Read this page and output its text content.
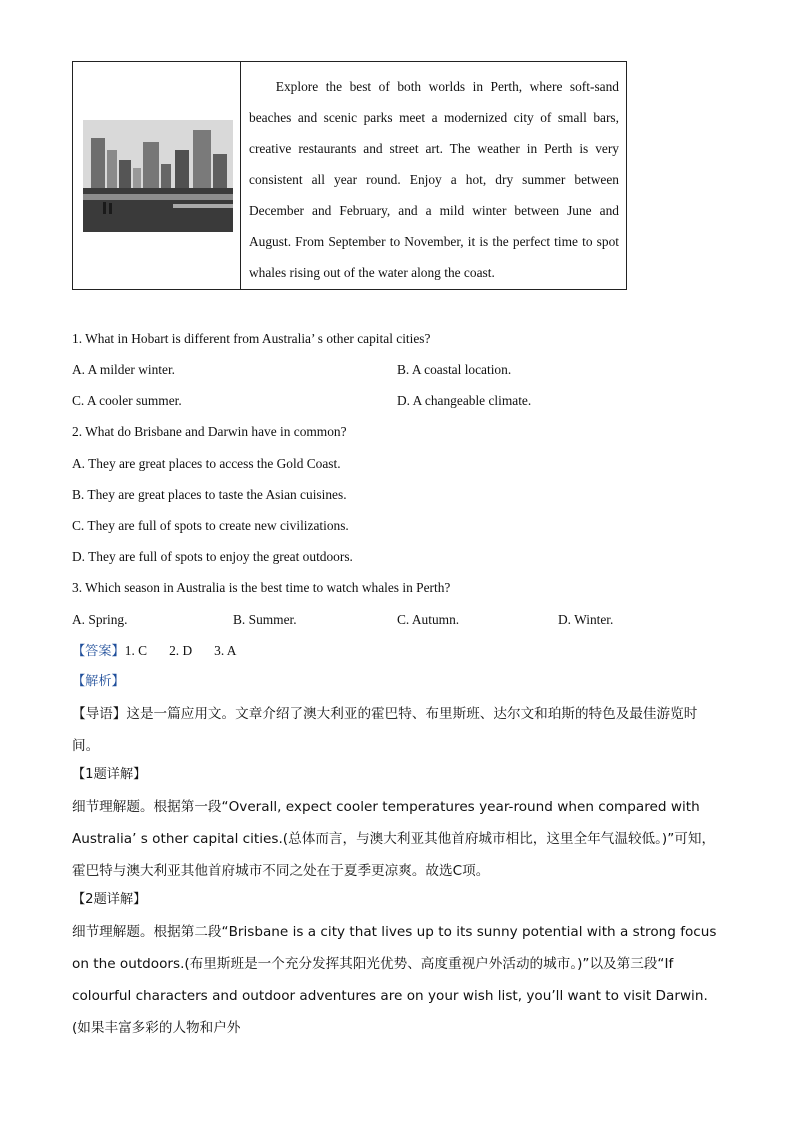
Explore the best of both worlds in Perth, where soft-sand beaches and scenic parks meet a modernized city of small bars, creative restaurants and street art. The weather in Perth is very consistent all year round. Enjoy a hot, dry summer between December and February, and a mild winter between June and August. From September to November, it is the perfect time to spot whales rising out of the water along the coast.
1. What in Hobart is different from Australia’ s other capital cities?
A. A milder winter.	B. A coastal location.
C. A cooler summer.	D. A changeable climate.
2. What do Brisbane and Darwin have in common?
A. They are great places to access the Gold Coast.
B. They are great places to taste the Asian cuisines.
C. They are full of spots to create new civilizations.
D. They are full of spots to enjoy the great outdoors.
3. Which season in Australia is the best time to watch whales in Perth?
A. Spring.	B. Summer.	C. Autumn.	D. Winter.
【答案】1. C 2. D 3. A
【解析】
【导语】这是一篇应用文。文章介绍了澳大利亚的霍巴特、布里斯班、达尔文和珀斯的特色及最佳游览时间。
【1题详解】
细节理解题。根据第一段“Overall, expect cooler temperatures year-round when compared with Australia’ s other capital cities.(总体而言，与澳大利亚其他首府城市相比，这里全年气温较低。)”可知，霍巴特与澳大利亚其他首府城市不同之处在于夏季更凉爽。故选C项。
【2题详解】
细节理解题。根据第二段“Brisbane is a city that lives up to its sunny potential with a strong focus on the outdoors.(布里斯班是一个充分发挥其阳光优势、高度重视户外活动的城市。)”以及第三段“If colourful characters and outdoor adventures are on your wish list, you’ll want to visit Darwin.(如果丰富多彩的人物和户外
